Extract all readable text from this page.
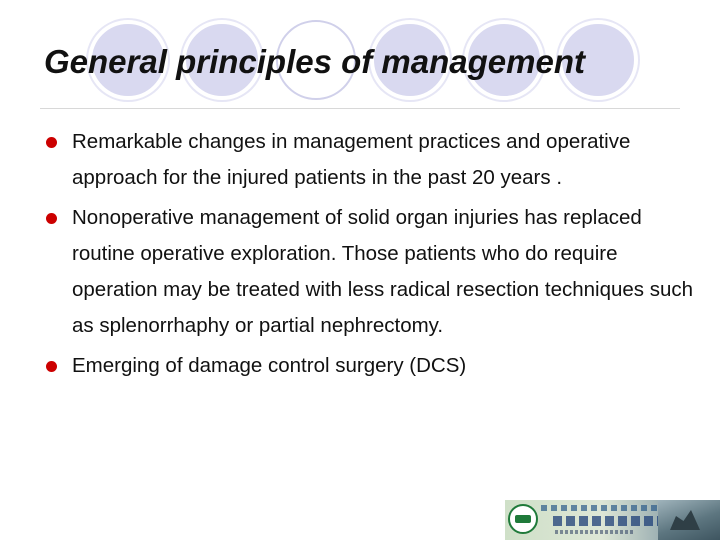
General principles of management
Remarkable changes in management practices and operative approach for the injured patients in the past 20 years .
Nonoperative management of solid organ injuries has replaced routine operative exploration. Those patients who do require operation may be treated with less radical resection techniques such as splenorrhaphy or partial nephrectomy.
Emerging of damage control surgery (DCS)
